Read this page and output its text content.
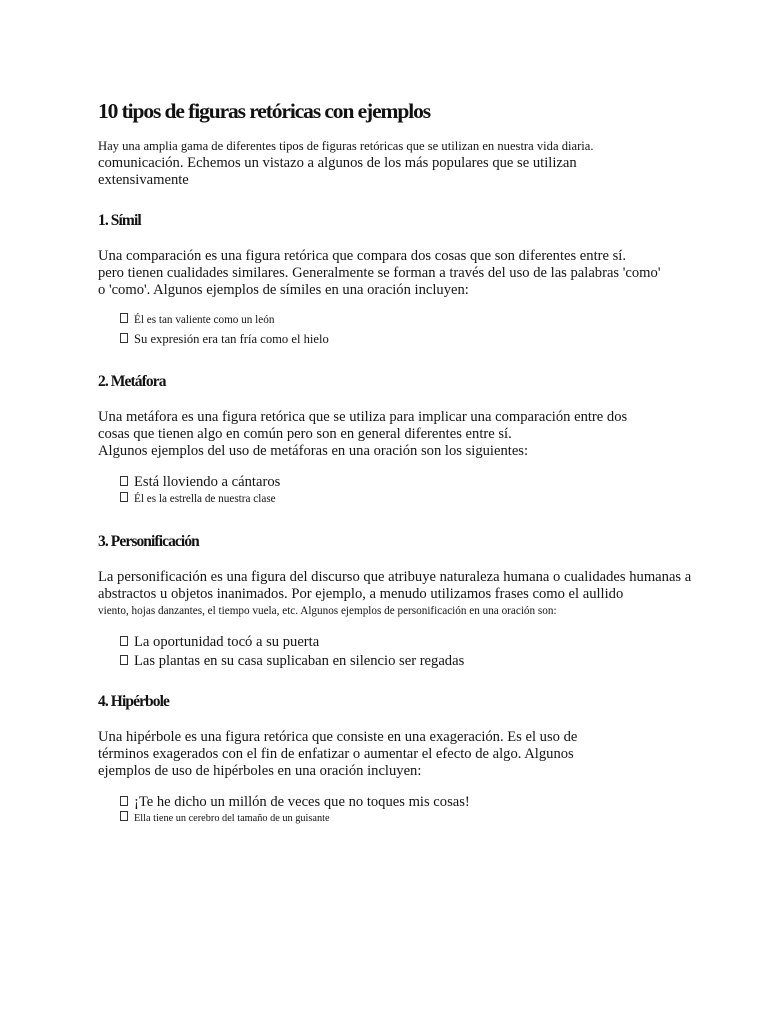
10 tipos de figuras retóricas con ejemplos
Hay una amplia gama de diferentes tipos de figuras retóricas que se utilizan en nuestra vida diaria.
comunicación. Echemos un vistazo a algunos de los más populares que se utilizan
extensivamente
1. Símil
Una comparación es una figura retórica que compara dos cosas que son diferentes entre sí.
pero tienen cualidades similares. Generalmente se forman a través del uso de las palabras 'como'
o 'como'. Algunos ejemplos de símiles en una oración incluyen:
Él es tan valiente como un león
Su expresión era tan fría como el hielo
2. Metáfora
Una metáfora es una figura retórica que se utiliza para implicar una comparación entre dos
cosas que tienen algo en común pero son en general diferentes entre sí.
Algunos ejemplos del uso de metáforas en una oración son los siguientes:
Está lloviendo a cántaros
Él es la estrella de nuestra clase
3. Personificación
La personificación es una figura del discurso que atribuye naturaleza humana o cualidades humanas a
abstractos u objetos inanimados. Por ejemplo, a menudo utilizamos frases como el aullido
viento, hojas danzantes, el tiempo vuela, etc. Algunos ejemplos de personificación en una oración son:
La oportunidad tocó a su puerta
Las plantas en su casa suplicaban en silencio ser regadas
4. Hipérbole
Una hipérbole es una figura retórica que consiste en una exageración. Es el uso de
términos exagerados con el fin de enfatizar o aumentar el efecto de algo. Algunos
ejemplos de uso de hipérboles en una oración incluyen:
¡Te he dicho un millón de veces que no toques mis cosas!
Ella tiene un cerebro del tamaño de un guisante
